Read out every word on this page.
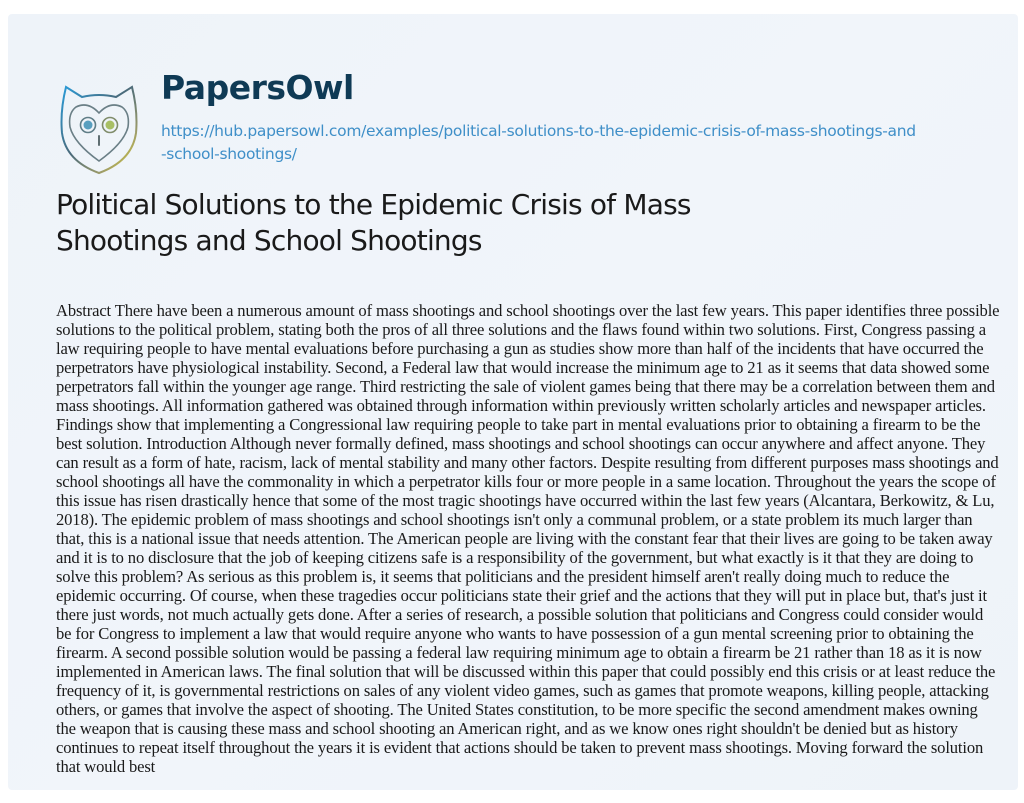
PapersOwl
https://hub.papersowl.com/examples/political-solutions-to-the-epidemic-crisis-of-mass-shootings-and-school-shootings/
Political Solutions to the Epidemic Crisis of Mass Shootings and School Shootings

Abstract There have been a numerous amount of mass shootings and school shootings over the last few years. This paper identifies three possible solutions to the political problem, stating both the pros of all three solutions and the flaws found within two solutions. First, Congress passing a law requiring people to have mental evaluations before purchasing a gun as studies show more than half of the incidents that have occurred the perpetrators have physiological instability. Second, a Federal law that would increase the minimum age to 21 as it seems that data showed some perpetrators fall within the younger age range. Third restricting the sale of violent games being that there may be a correlation between them and mass shootings. All information gathered was obtained through information within previously written scholarly articles and newspaper articles. Findings show that implementing a Congressional law requiring people to take part in mental evaluations prior to obtaining a firearm to be the best solution. Introduction Although never formally defined, mass shootings and school shootings can occur anywhere and affect anyone. They can result as a form of hate, racism, lack of mental stability and many other factors. Despite resulting from different purposes mass shootings and school shootings all have the commonality in which a perpetrator kills four or more people in a same location. Throughout the years the scope of this issue has risen drastically hence that some of the most tragic shootings have occurred within the last few years (Alcantara, Berkowitz, & Lu, 2018). The epidemic problem of mass shootings and school shootings isn't only a communal problem, or a state problem its much larger than that, this is a national issue that needs attention. The American people are living with the constant fear that their lives are going to be taken away and it is to no disclosure that the job of keeping citizens safe is a responsibility of the government, but what exactly is it that they are doing to solve this problem? As serious as this problem is, it seems that politicians and the president himself aren't really doing much to reduce the epidemic occurring. Of course, when these tragedies occur politicians state their grief and the actions that they will put in place but, that's just it there just words, not much actually gets done. After a series of research, a possible solution that politicians and Congress could consider would be for Congress to implement a law that would require anyone who wants to have possession of a gun mental screening prior to obtaining the firearm. A second possible solution would be passing a federal law requiring minimum age to obtain a firearm be 21 rather than 18 as it is now implemented in American laws. The final solution that will be discussed within this paper that could possibly end this crisis or at least reduce the frequency of it, is governmental restrictions on sales of any violent video games, such as games that promote weapons, killing people, attacking others, or games that involve the aspect of shooting. The United States constitution, to be more specific the second amendment makes owning the weapon that is causing these mass and school shooting an American right, and as we know ones right shouldn't be denied but as history continues to repeat itself throughout the years it is evident that actions should be taken to prevent mass shootings. Moving forward the solution that would best
